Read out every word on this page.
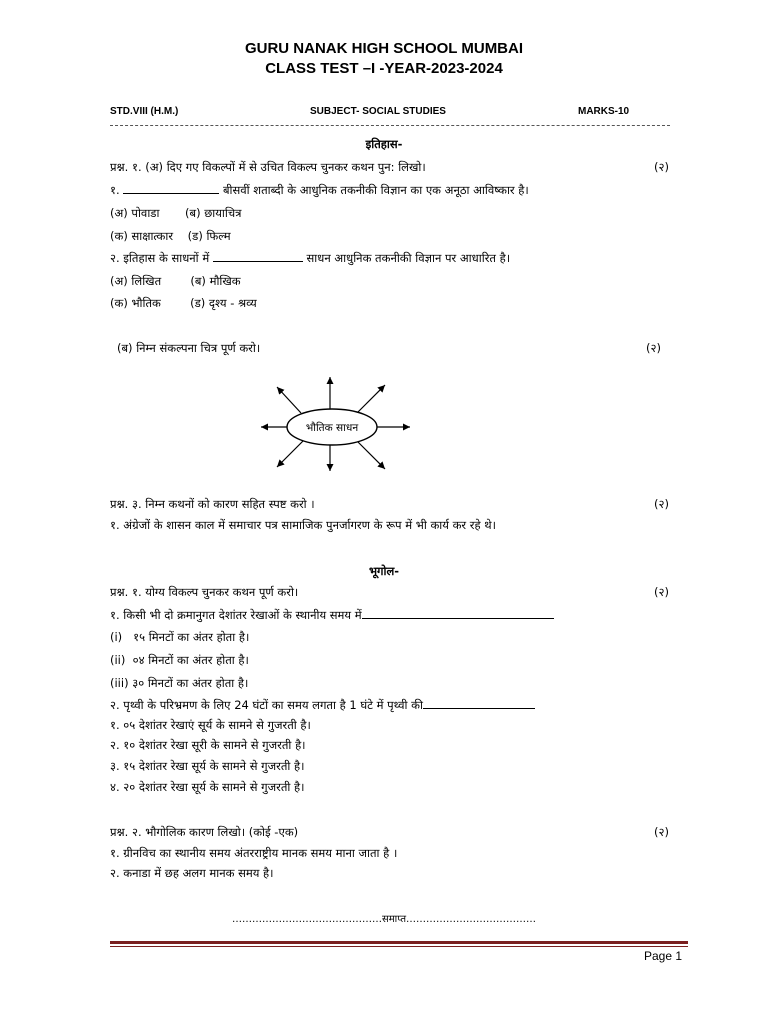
GURU NANAK HIGH SCHOOL MUMBAI
CLASS TEST –I -YEAR-2023-2024
STD.VIII (H.M.)	SUBJECT- SOCIAL STUDIES	MARKS-10
इतिहास-
प्रश्न. १. (अ) दिए गए विकल्पों में से उचित विकल्प चुनकर कथन पुन: लिखो।	(२)
१.	बीसवीं शताब्दी के आधुनिक तकनीकी विज्ञान का एक अनूठा आविष्कार है।
(अ) पोवाडा       (ब) छायाचित्र
(क) साक्षात्कार    (ड) फिल्म
२. इतिहास के साधनों में	साधन आधुनिक तकनीकी विज्ञान पर आधारित है।
(अ) लिखित        (ब) मौखिक
(क) भौतिक        (ड) दृश्य - श्रव्य
(ब) निम्न संकल्पना चित्र पूर्ण करो।	(२)
भौतिक साधन
प्रश्न. ३. निम्न कथनों को कारण सहित स्पष्ट करो ।	(२)
१. अंग्रेजों के शासन काल में समाचार पत्र सामाजिक पुनर्जागरण के रूप में भी कार्य कर रहे थे।
भूगोल-
प्रश्न. १. योग्य विकल्प चुनकर कथन पूर्ण करो।	(२)
१. किसी भी दो क्रमानुगत देशांतर रेखाओं के स्थानीय समय में
(i)   १५ मिनटों का अंतर होता है।
(ii)  ०४ मिनटों का अंतर होता है।
(iii) ३० मिनटों का अंतर होता है।
२. पृथ्वी के परिभ्रमण के लिए 24 घंटों का समय लगता है 1 घंटे में पृथ्वी की
१. ०५ देशांतर रेखाएं सूर्य के सामने से गुजरती है।
२. १० देशांतर रेखा सूरी के सामने से गुजरती है।
३. १५ देशांतर रेखा सूर्य के सामने से गुजरती है।
४. २० देशांतर रेखा सूर्य के सामने से गुजरती है।
प्रश्न. २. भौगोलिक कारण लिखो। (कोई -एक)	(२)
१. ग्रीनविच का स्थानीय समय अंतरराष्ट्रीय मानक समय माना जाता है ।
२. कनाडा में छह अलग मानक समय है।
………………………………………समाप्त…………………………………
Page 1
